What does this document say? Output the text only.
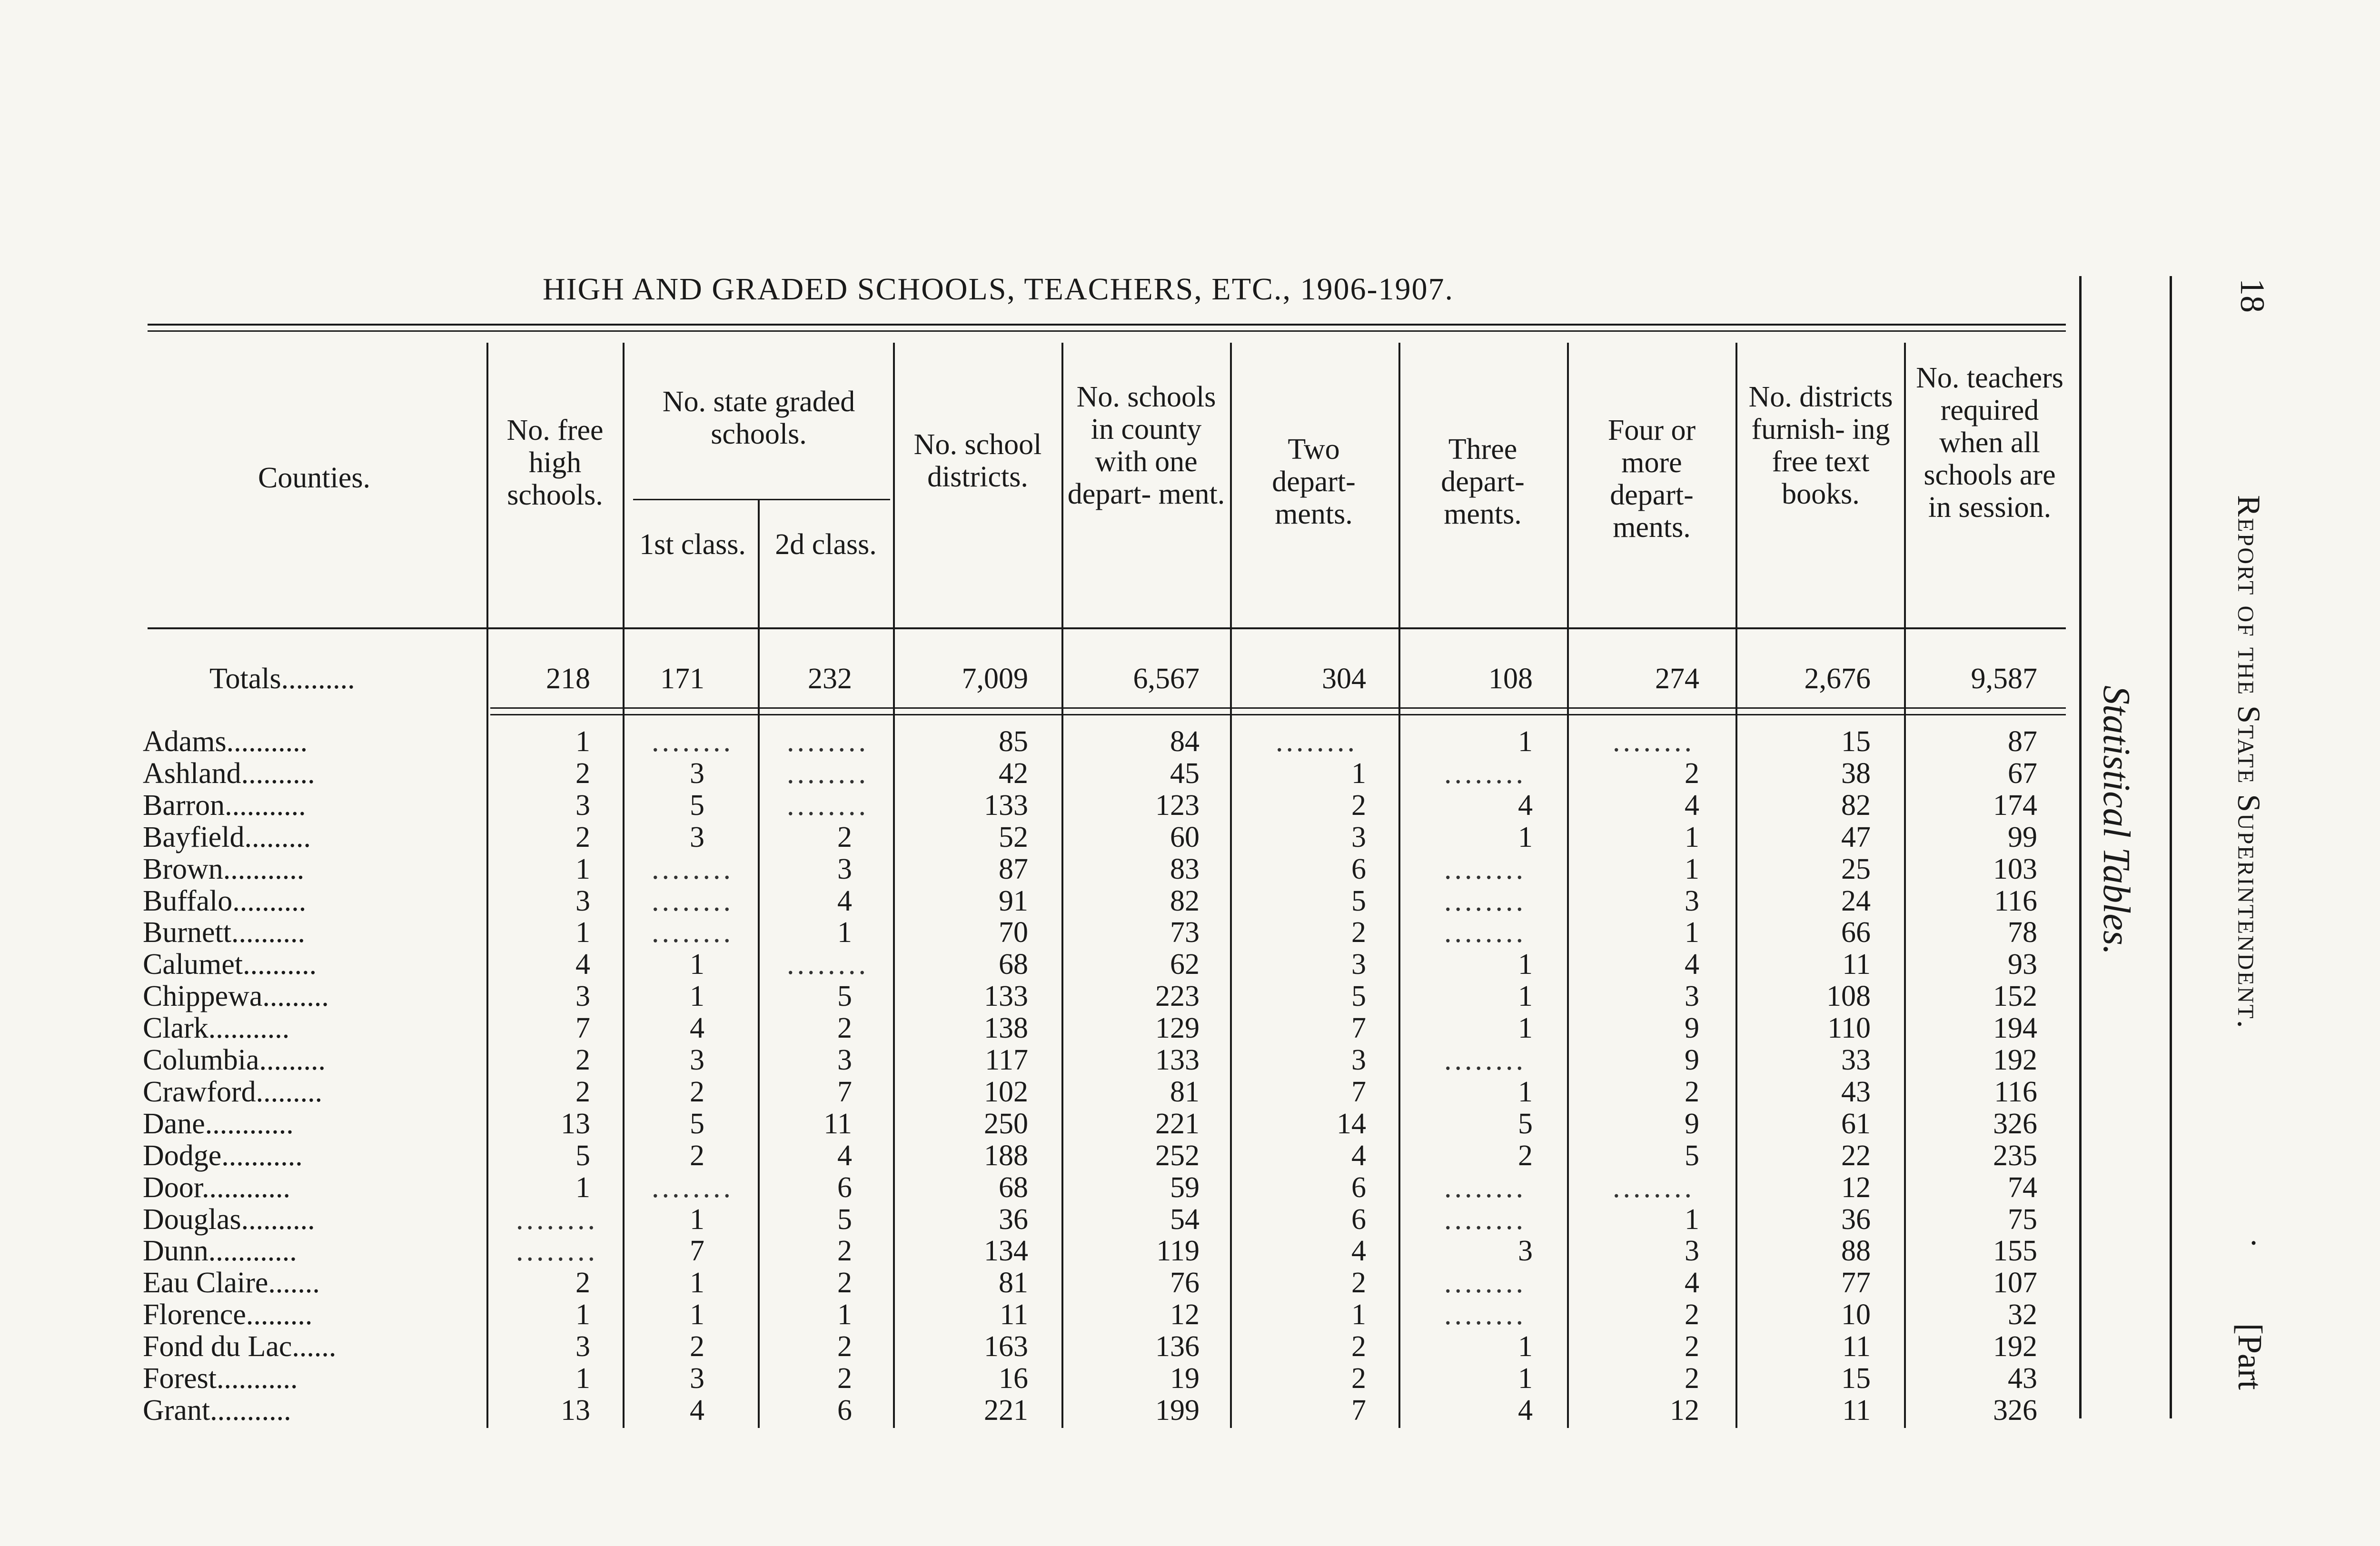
HIGH AND GRADED SCHOOLS, TEACHERS, ETC., 1906-1907.
Counties.
No. free high schools.
No. state graded schools.
1st class. 2d class.
No. school districts.
No. schools in county with one depart- ment.
Two depart- ments.
Three depart- ments.
Four or more depart- ments.
No. districts furnish- ing free text books.
No. teachers required when all schools are in session.
Totals..........	218	171	232	7,009	6,567	304	108	274	2,676	9,587
Adams...........	1	........	........	85	84	........	1	........	15	87
Ashland..........	2	3	........	42	45	1	........	2	38	67
Barron...........	3	5	........	133	123	2	4	4	82	174
Bayfield.........	2	3	2	52	60	3	1	1	47	99
Brown...........	1	........	3	87	83	6	........	1	25	103
Buffalo..........	3	........	4	91	82	5	........	3	24	116
Burnett..........	1	........	1	70	73	2	........	1	66	78
Calumet..........	4	1	........	68	62	3	1	4	11	93
Chippewa.........	3	1	5	133	223	5	1	3	108	152
Clark...........	7	4	2	138	129	7	1	9	110	194
Columbia.........	2	3	3	117	133	3	........	9	33	192
Crawford.........	2	2	7	102	81	7	1	2	43	116
Dane............	13	5	11	250	221	14	5	9	61	326
Dodge...........	5	2	4	188	252	4	2	5	22	235
Door............	1	........	6	68	59	6	........	........	12	74
Douglas..........	........	1	5	36	54	6	........	1	36	75
Dunn............	........	7	2	134	119	4	3	3	88	155
Eau Claire.......	2	1	2	81	76	2	........	4	77	107
Florence.........	1	1	1	11	12	1	........	2	10	32
Fond du Lac......	3	2	2	163	136	2	1	2	11	192
Forest...........	1	3	2	16	19	2	1	2	15	43
Grant...........	13	4	6	221	199	7	4	12	11	326
Statistical Tables.
18
Report of the State Superintendent.
·
[Part
